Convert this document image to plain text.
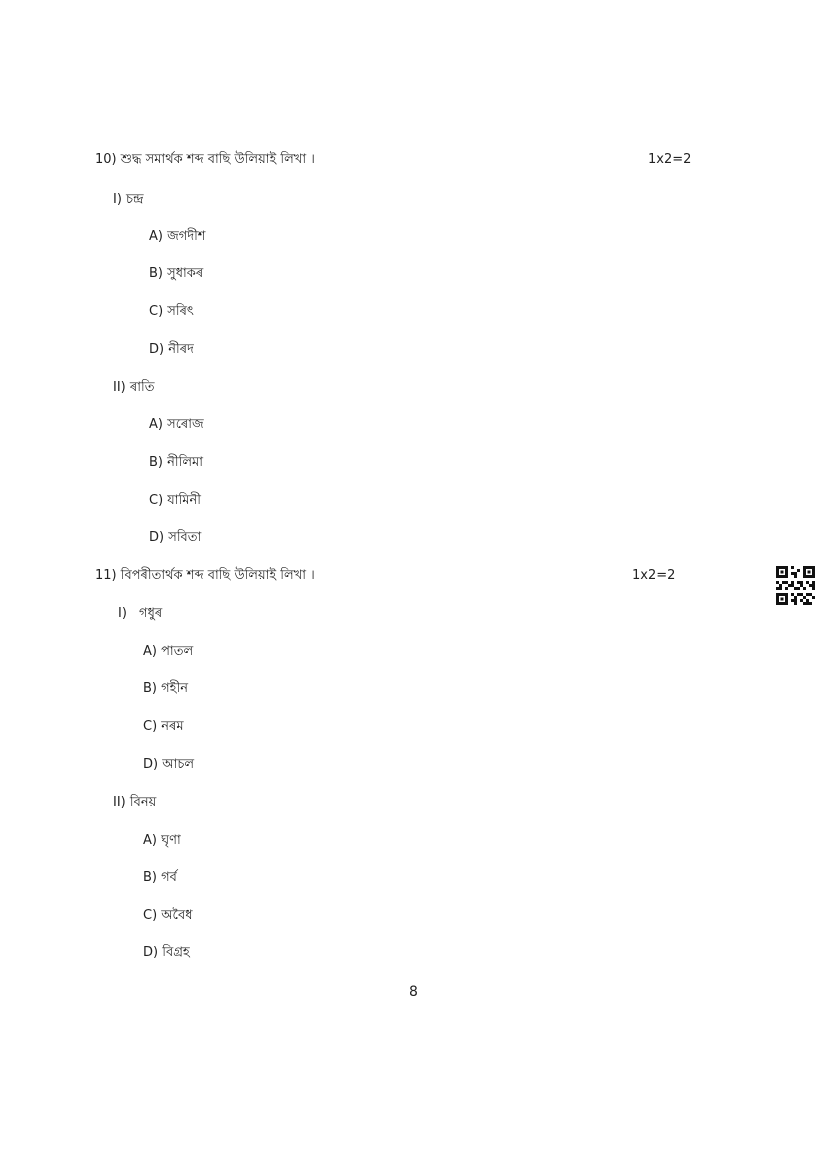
10) শুদ্ধ সমাৰ্থক শব্দ বাছি উলিয়াই লিখা ।	1x2=2
I) চন্দ্ৰ
A) জগদীশ
B) সুধাকৰ
C) সৰিৎ
D) নীৰদ
II) ৰাতি
A) সৰোজ
B) নীলিমা
C) যামিনী
D) সবিতা
11) বিপৰীতাৰ্থক শব্দ বাছি উলিয়াই লিখা ।	1x2=2
I) গধুৰ
A) পাতল
B) গহীন
C) নৰম
D) আচল
II) বিনয়
A) ঘৃণা
B) গৰ্ব
C) অবৈধ
D) বিগ্ৰহ
8
